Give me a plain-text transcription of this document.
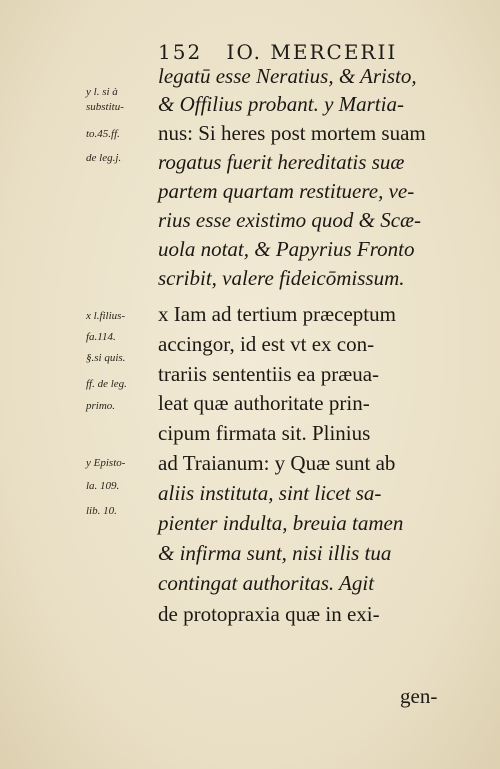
152 IO. MERCERII
y l. si à
substitu-
to.45.ff.
de leg.j.
x l.filius-
fa.114.
§.si quis.
ff. de leg.
primo.
y Episto-
la. 109.
lib. 10.
legatū esse Neratius, & Aristo,
& Offilius probant. y Martia-
nus: Si heres post mortem suam
rogatus fuerit hereditatis suæ
partem quartam restituere, ve-
rius esse existimo quod & Scæ-
uola notat, & Papyrius Fronto
scribit, valere fideicōmissum.
x Iam ad tertium præceptum
accingor, id est vt ex con-
trariis sententiis ea præua-
leat quæ authoritate prin-
cipum firmata sit. Plinius
ad Traianum: y Quæ sunt ab
aliis instituta, sint licet sa-
pienter indulta, breuia tamen
& infirma sunt, nisi illis tua
contingat authoritas. Agit
de protopraxia quæ in exi-
gen-
